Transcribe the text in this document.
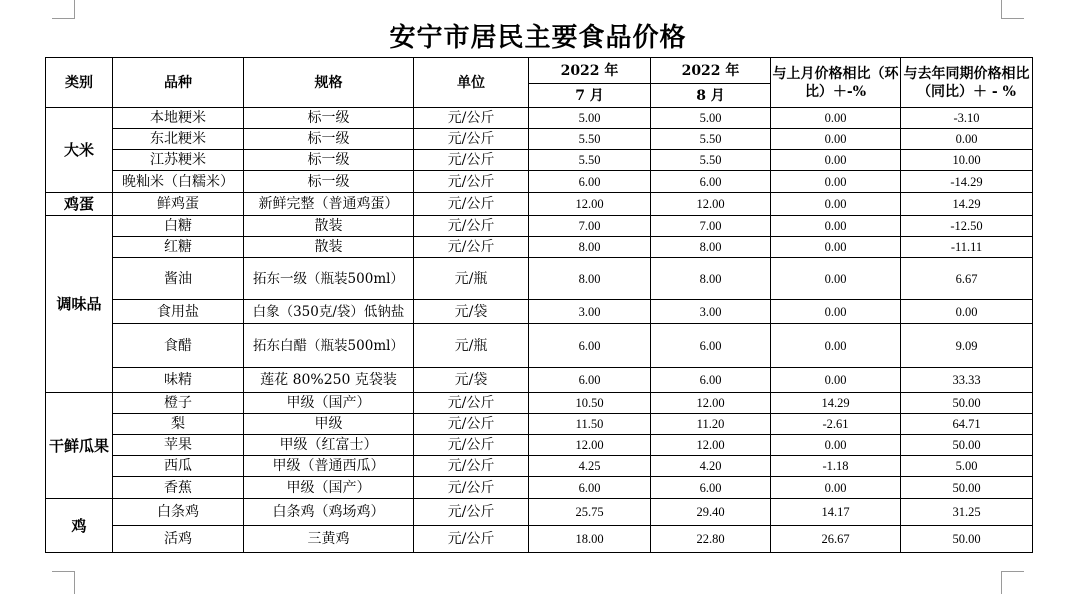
安宁市居民主要食品价格
类别	品种	规格	单位	2022 年	2022 年	与上月价格相比（环比）＋-%	与去年同期价格相比（同比）＋ - %
				7 月	8 月		
大米	本地粳米	标一级	元/公斤	5.00	5.00	0.00	-3.10
	东北粳米	标一级	元/公斤	5.50	5.50	0.00	0.00
	江苏粳米	标一级	元/公斤	5.50	5.50	0.00	10.00
	晚籼米（白糯米）	标一级	元/公斤	6.00	6.00	0.00	-14.29
鸡蛋	鲜鸡蛋	新鲜完整（普通鸡蛋）	元/公斤	12.00	12.00	0.00	14.29
调味品	白糖	散装	元/公斤	7.00	7.00	0.00	-12.50
	红糖	散装	元/公斤	8.00	8.00	0.00	-11.11
	酱油	拓东一级（瓶装500ml）	元/瓶	8.00	8.00	0.00	6.67
	食用盐	白象（350克/袋）低钠盐	元/袋	3.00	3.00	0.00	0.00
	食醋	拓东白醋（瓶装500ml）	元/瓶	6.00	6.00	0.00	9.09
	味精	莲花 80%250 克袋装	元/袋	6.00	6.00	0.00	33.33
干鲜瓜果	橙子	甲级（国产）	元/公斤	10.50	12.00	14.29	50.00
	梨	甲级	元/公斤	11.50	11.20	-2.61	64.71
	苹果	甲级（红富士）	元/公斤	12.00	12.00	0.00	50.00
	西瓜	甲级（普通西瓜）	元/公斤	4.25	4.20	-1.18	5.00
	香蕉	甲级（国产）	元/公斤	6.00	6.00	0.00	50.00
鸡	白条鸡	白条鸡（鸡场鸡）	元/公斤	25.75	29.40	14.17	31.25
	活鸡	三黄鸡	元/公斤	18.00	22.80	26.67	50.00
